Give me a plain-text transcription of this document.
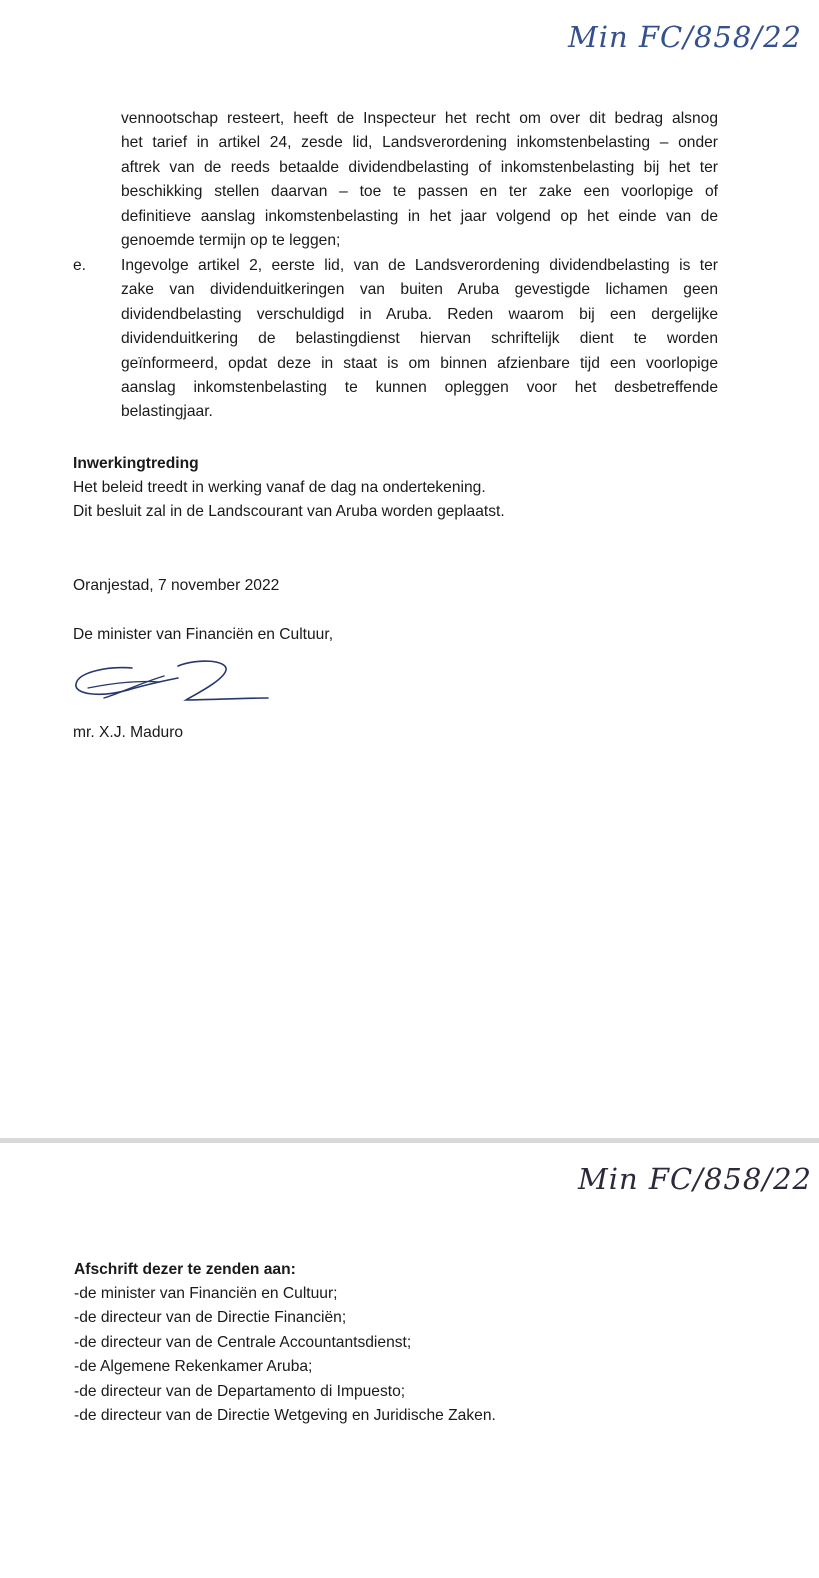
Min FC/858/22
vennootschap resteert, heeft de Inspecteur het recht om over dit bedrag alsnog
het tarief in artikel 24, zesde lid, Landsverordening inkomstenbelasting – onder
aftrek van de reeds betaalde dividendbelasting of inkomstenbelasting bij het ter
beschikking stellen daarvan – toe te passen en ter zake een voorlopige of
definitieve aanslag inkomstenbelasting in het jaar volgend op het einde van de
genoemde termijn op te leggen;
e. Ingevolge artikel 2, eerste lid, van de Landsverordening dividendbelasting is ter
zake van dividenduitkeringen van buiten Aruba gevestigde lichamen geen
dividendbelasting verschuldigd in Aruba. Reden waarom bij een dergelijke
dividenduitkering de belastingdienst hiervan schriftelijk dient te worden
geïnformeerd, opdat deze in staat is om binnen afzienbare tijd een voorlopige
aanslag inkomstenbelasting te kunnen opleggen voor het desbetreffende
belastingjaar.
Inwerkingtreding
Het beleid treedt in werking vanaf de dag na ondertekening.
Dit besluit zal in de Landscourant van Aruba worden geplaatst.
Oranjestad, 7 november 2022
De minister van Financiën en Cultuur,
mr. X.J. Maduro
Min FC/858/22
Afschrift dezer te zenden aan:
-de minister van Financiën en Cultuur;
-de directeur van de Directie Financiën;
-de directeur van de Centrale Accountantsdienst;
-de Algemene Rekenkamer Aruba;
-de directeur van de Departamento di Impuesto;
-de directeur van de Directie Wetgeving en Juridische Zaken.
